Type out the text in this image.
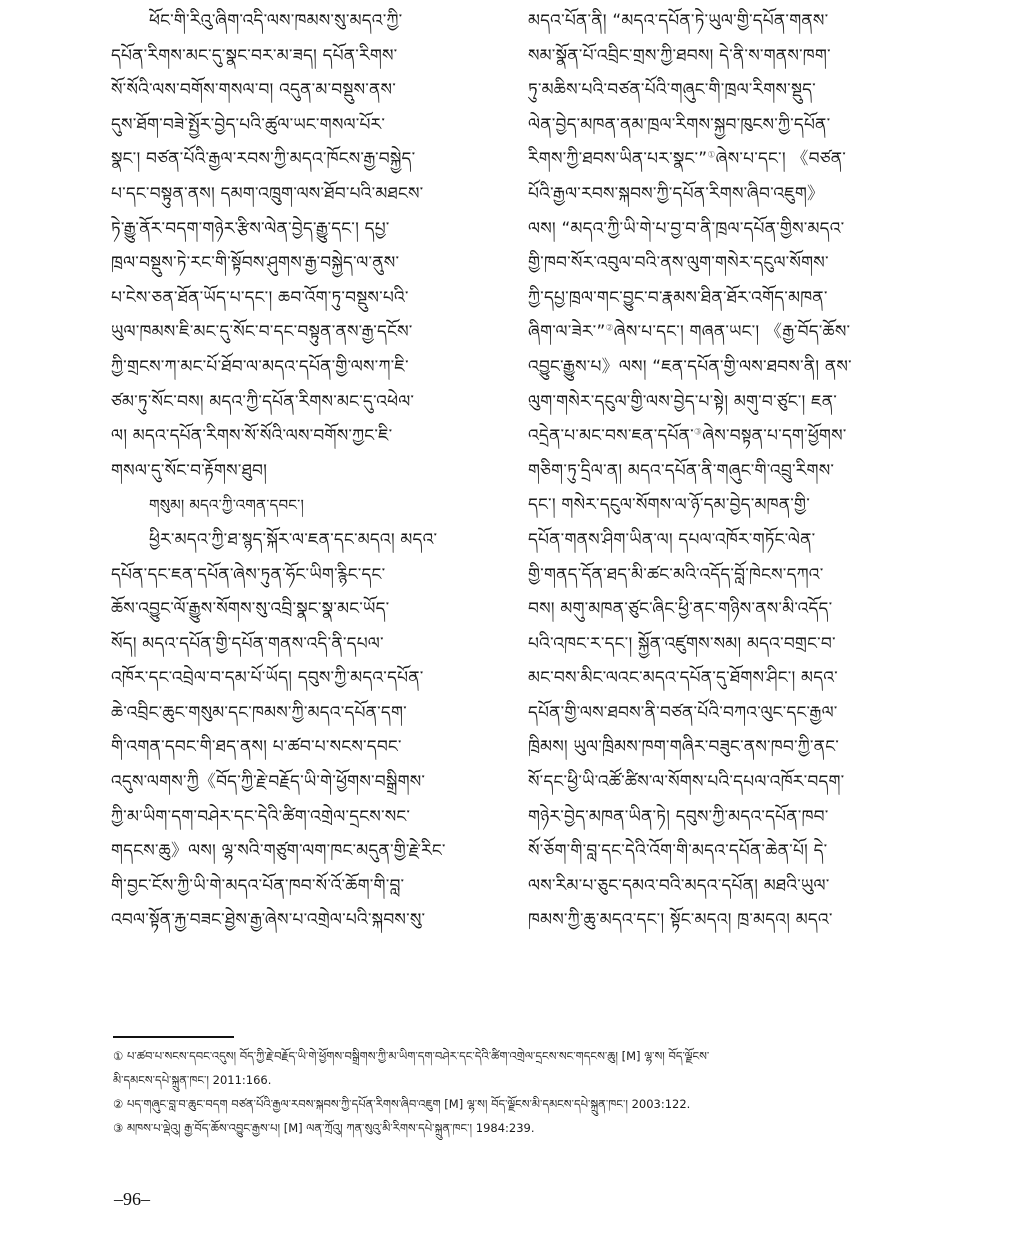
ཕོང་གི་རིའུ་ཞིག་འདི་ལས་ཁམས་སུ་མདའ་ཀྱི་
དཔོན་རིགས་མང་དུ་སྣང་བར་མ་ཟད། དཔོན་རིགས་
སོ་སོའི་ལས་བགོས་གསལ་བ། འདུན་མ་བསྡུས་ནས་
དུས་ཐོག་བཟེ་སྤྱོར་བྱེད་པའི་ཚུལ་ཡང་གསལ་པོར་
སྣང་། བཙན་པོའི་རྒྱལ་རབས་ཀྱི་མདའ་ཁོངས་རྒྱ་བསྐྱེད་
པ་དང་བསྟུན་ནས། དམག་འཁྲུག་ལས་ཐོབ་པའི་མཐངས་
ཏེ་རྒྱུ་ནོར་བདག་གཉེར་རྩིས་ལེན་བྱེད་རྒྱུ་དང་། དཔྱ་
ཁྲལ་བསྡུས་ཏེ་རང་གི་སྟོབས་ཤུགས་རྒྱ་བསྐྱེད་ལ་ནུས་
པ་ངེས་ཅན་ཐོན་ཡོད་པ་དང་། ཆབ་འོག་ཏུ་བསྡུས་པའི་
ཡུལ་ཁམས་ཇི་མང་དུ་སོང་བ་དང་བསྟུན་ནས་རྒྱ་དངོས་
ཀྱི་གྲངས་ཀ་མང་པོ་ཐོབ་ལ་མདའ་དཔོན་གྱི་ལས་ཀ་ཇི་
ཙམ་ཏུ་སོང་བས། མདའ་ཀྱི་དཔོན་རིགས་མང་དུ་འཕེལ་
ལ། མདའ་དཔོན་རིགས་སོ་སོའི་ལས་བགོས་ཀྱང་ཇི་
གསལ་དུ་སོང་བ་རྟོགས་ཐུབ།
གསུམ། མདའ་ཀྱི་འགན་དབང་།
ཕྱིར་མདའ་ཀྱི་ཐ་སྙད་སྐོར་ལ་ཇན་དང་མདའ། མདའ་
དཔོན་དང་ཇན་དཔོན་ཞེས་ཏུན་ཧོང་ཡིག་རྙིང་དང་
ཆོས་འབྱུང་ལོ་རྒྱུས་སོགས་སུ་འབྲི་སྣང་སྣ་མང་ཡོད་
སོད། མདའ་དཔོན་གྱི་དཔོན་གནས་འདི་ནི་དཔལ་
འཁོར་དང་འབྲེལ་བ་དམ་པོ་ཡོད། དབུས་ཀྱི་མདའ་དཔོན་
ཆེ་འབྲིང་ཆུང་གསུམ་དང་ཁམས་ཀྱི་མདའ་དཔོན་དག་
གི་འགན་དབང་གི་ཐད་ནས། པ་ཚབ་པ་སངས་དབང་
འདུས་ལགས་ཀྱི《བོད་ཀྱི་རྗེ་བརྗོད་ཡི་གེ་ཕྱོགས་བསྒྲིགས་
ཀྱི་མ་ཡིག་དག་བཤེར་དང་དེའི་ཚིག་འགྲེལ་དྲངས་སང་
གདངས་ཆུ》ལས། ལྷ་སའི་གཙུག་ལག་ཁང་མདུན་གྱི་རྗེ་རིང་
གི་བྱང་ངོས་ཀྱི་ཡི་གེ་མདའ་པོན་ཁབ་སོ་འོ་ཆོག་གི་བླ་
འབལ་སྟོན་རྐྱ་བཟང་ཐྱེས་རྒྱ་ཞེས་པ་འགྲེལ་པའི་སྐབས་སུ་
མདའ་པོན་ནི། “མདའ་དཔོན་ཏེ་ཡུལ་གྱི་དཔོན་གནས་
སམ་སྣོན་པོ་འབྲིང་གྲས་ཀྱི་ཐབས། དེ་ནི་ས་གནས་ཁག་
ཏུ་མཆིས་པའི་བཙན་པོའི་གཞུང་གི་ཁྲལ་རིགས་སྡུད་
ལེན་བྱེད་མཁན་ནམ་ཁྲལ་རིགས་སྐྱབ་ཁུངས་ཀྱི་དཔོན་
རིགས་ཀྱི་ཐབས་ཡིན་པར་སྣང་”①ཞེས་པ་དང་། 《བཙན་
པོའི་རྒྱལ་རབས་སྐབས་ཀྱི་དཔོན་རིགས་ཞིབ་འཇུག》
ལས། “མདའ་ཀྱི་ཡི་གེ་པ་བྱ་བ་ནི་ཁྲལ་དཔོན་གྱིས་མདའ་
གྱི་ཁབ་སོར་འབུལ་བའི་ནས་ལུག་གསེར་དངུལ་སོགས་
ཀྱི་དཔྱ་ཁྲལ་གང་བྱུང་བ་རྣམས་ཐིན་ཐོར་འགོད་མཁན་
ཞིག་ལ་ཟེར་”②ཞེས་པ་དང་། གཞན་ཡང་། 《རྒྱ་བོད་ཆོས་
འབྱུང་རྒྱུས་པ》ལས། “ཇན་དཔོན་གྱི་ལས་ཐབས་ནི། ནས་
ལུག་གསེར་དངུལ་གྱི་ལས་བྱེད་པ་སྟེ། མགུ་བ་ཙུང་། ཇན་
འདྲེན་པ་མང་བས་ཇན་དཔོན་③ཞེས་བསྟན་པ་དག་ཕྱོགས་
གཅིག་ཏུ་དྲིལ་ན། མདའ་དཔོན་ནི་གཞུང་གི་འབྲུ་རིགས་
དང་། གསེར་དངུལ་སོགས་ལ་ཉོ་དམ་བྱེད་མཁན་གྱི་
དཔོན་གནས་ཤིག་ཡིན་ལ། དཔལ་འཁོར་གཏོང་ལེན་
གྱི་གནད་དོན་ཐད་མི་ཚང་མའི་འདོད་བློ་ཁེངས་དཀའ་
བས། མགུ་མཁན་ཙུང་ཞིང་ཕྱི་ནང་གཉིས་ནས་མི་འདོད་
པའི་འཁང་ར་དང་། སྐྱོན་འཛུགས་སམ། མདའ་བགྲང་བ་
མང་བས་མིང་ལའང་མདའ་དཔོན་དུ་ཐོགས་ཤིང་། མདའ་
དཔོན་གྱི་ལས་ཐབས་ནི་བཙན་པོའི་བཀའ་ལུང་དང་རྒྱལ་
ཁྲིམས། ཡུལ་ཁྲིམས་ཁག་གཞིར་བཟུང་ནས་ཁབ་ཀྱི་ནང་
སོ་དང་ཕྱི་ཡི་འཚོ་ཚིས་ལ་སོགས་པའི་དཔལ་འཁོར་བདག་
གཉེར་བྱེད་མཁན་ཡིན་ཏེ། དབུས་ཀྱི་མདའ་དཔོན་ཁབ་
སོ་ཅོག་གི་བླ་དང་དེའི་འོག་གི་མདའ་དཔོན་ཆེན་པོ། དེ་
ལས་རིམ་པ་ཅུང་དམའ་བའི་མདའ་དཔོན། མཐའི་ཡུལ་
ཁམས་ཀྱི་ཆུ་མདའ་དང་། སྟོང་མདའ། ཁྲ་མདའ། མདའ་
① པ་ཚབ་པ་སངས་དབང་འདུས། བོད་ཀྱི་རྗེ་བརྗོད་ཡི་གེ་ཕྱོགས་བསྒྲིགས་ཀྱི་མ་ཡིག་དག་བཤེར་དང་དེའི་ཚིག་འགྲེལ་དྲངས་སང་གདངས་ཆུ། [M] ལྷ་ས། བོད་ལྗོངས་
མི་དམངས་དཔེ་སྐྲུན་ཁང་། 2011:166.
② པད་གཞུང་བླ་བ་ཆུང་བདག བཙན་པོའི་རྒྱལ་རབས་སྐབས་ཀྱི་དཔོན་རིགས་ཞིབ་འཇུག [M] ལྷ་ས། བོད་ལྗོངས་མི་དམངས་དཔེ་སྐྲུན་ཁང་། 2003:122.
③ མཁས་པ་ལྡེའུ། རྒྱ་བོད་ཆོས་འབྱུང་རྒྱས་པ། [M] ལན་ཀྲོའུ། ཀན་སུའུ་མི་རིགས་དཔེ་སྐྲུན་ཁང་། 1984:239.
–96–
